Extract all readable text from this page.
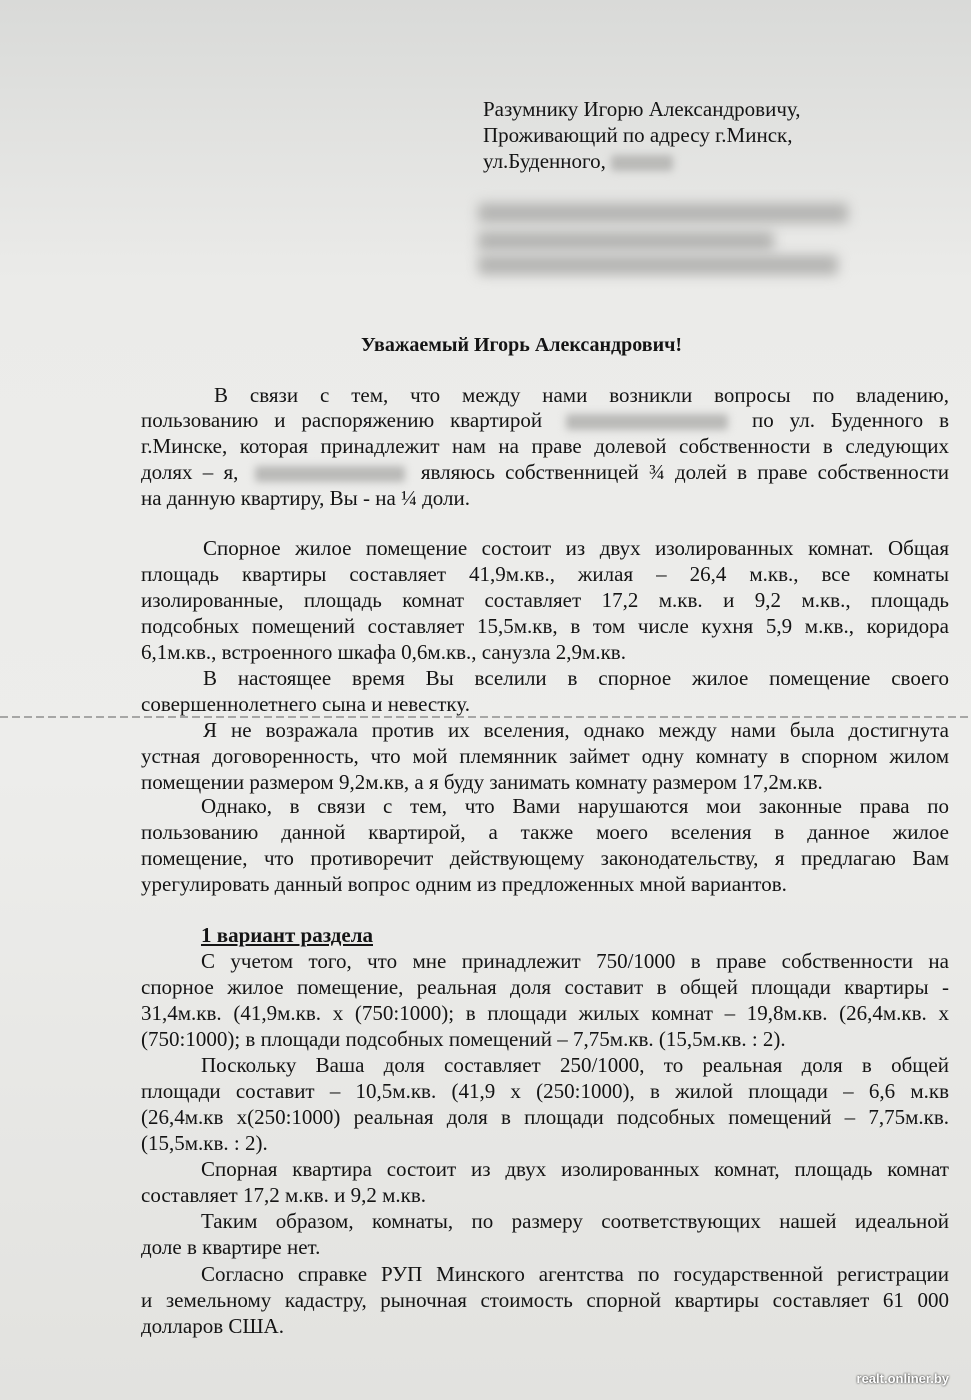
Разумнику Игорю Александровичу,
Проживающий по адресу г.Минск,
ул.Буденного,
Уважаемый Игорь Александрович!
В связи с тем, что между нами возникли вопросы по владению,
пользованию и распоряжению квартирой	по ул. Буденного в
г.Минске, которая принадлежит нам на праве долевой собственности в следующих
долях – я,	являюсь собственницей ¾ долей в праве собственности
на данную квартиру, Вы - на ¼ доли.
Спорное жилое помещение состоит из двух изолированных комнат. Общая
площадь квартиры составляет 41,9м.кв., жилая – 26,4 м.кв., все комнаты
изолированные, площадь комнат составляет 17,2 м.кв. и 9,2 м.кв., площадь
подсобных помещений составляет 15,5м.кв, в том числе кухня 5,9 м.кв., коридора
6,1м.кв., встроенного шкафа 0,6м.кв., санузла 2,9м.кв.
В настоящее время Вы вселили в спорное жилое помещение своего
совершеннолетнего сына и невестку.
Я не возражала против их вселения, однако между нами была достигнута
устная договоренность, что мой племянник займет одну комнату в спорном жилом
помещении размером 9,2м.кв, а я буду занимать комнату размером 17,2м.кв.
Однако, в связи с тем, что Вами нарушаются мои законные права по
пользованию данной квартирой, а также моего вселения в данное жилое
помещение, что противоречит действующему законодательству, я предлагаю Вам
урегулировать данный вопрос одним из предложенных мной вариантов.
1 вариант раздела
С учетом того, что мне принадлежит 750/1000 в праве собственности на
спорное жилое помещение, реальная доля составит в общей площади квартиры -
31,4м.кв. (41,9м.кв. х (750:1000); в площади жилых комнат – 19,8м.кв. (26,4м.кв. х
(750:1000); в площади подсобных помещений – 7,75м.кв. (15,5м.кв. : 2).
Поскольку Ваша доля составляет 250/1000, то реальная доля в общей
площади составит – 10,5м.кв. (41,9 х (250:1000), в жилой площади – 6,6 м.кв
(26,4м.кв х(250:1000) реальная доля в площади подсобных помещений – 7,75м.кв.
(15,5м.кв. : 2).
Спорная квартира состоит из двух изолированных комнат, площадь комнат
составляет 17,2 м.кв. и 9,2 м.кв.
Таким образом, комнаты, по размеру соответствующих нашей идеальной
доле в квартире нет.
Согласно справке РУП Минского агентства по государственной регистрации
и земельному кадастру, рыночная стоимость спорной квартиры составляет 61 000
долларов США.
realt.onliner.by
